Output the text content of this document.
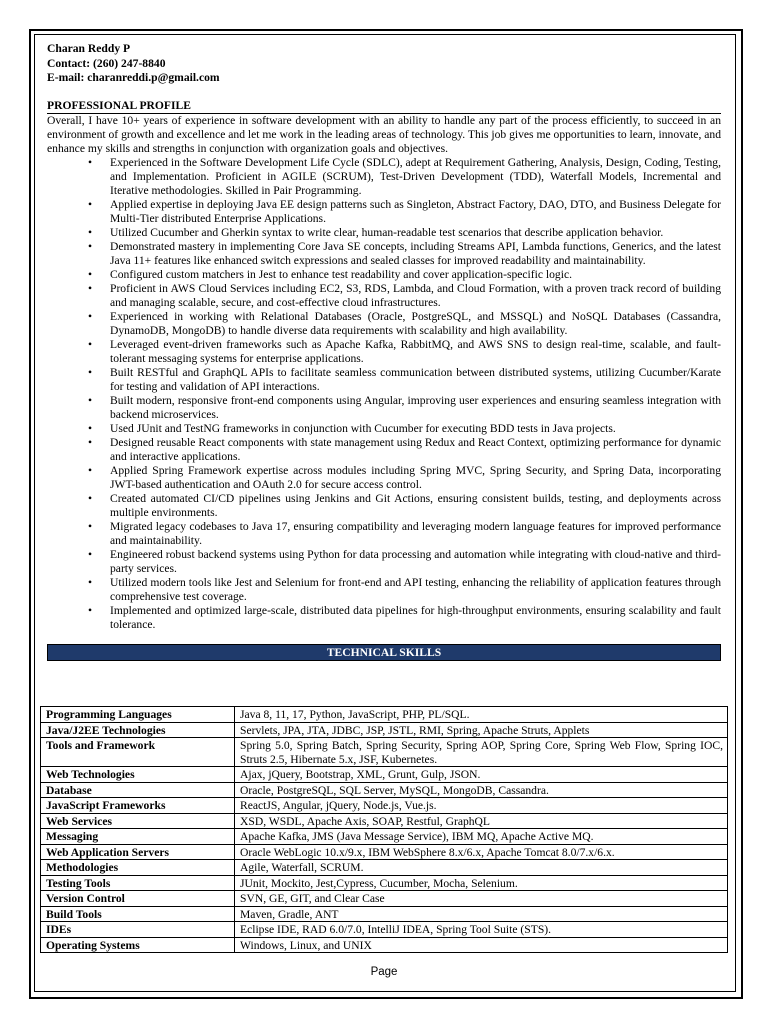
Charan Reddy P
Contact: (260) 247-8840
E-mail: charanreddi.p@gmail.com
PROFESSIONAL PROFILE
Overall, I have 10+ years of experience in software development with an ability to handle any part of the process efficiently, to succeed in an environment of growth and excellence and let me work in the leading areas of technology. This job gives me opportunities to learn, innovate, and enhance my skills and strengths in conjunction with organization goals and objectives.
• Experienced in the Software Development Life Cycle (SDLC), adept at Requirement Gathering, Analysis, Design, Coding, Testing, and Implementation. Proficient in AGILE (SCRUM), Test-Driven Development (TDD), Waterfall Models, Incremental and Iterative methodologies. Skilled in Pair Programming.
• Applied expertise in deploying Java EE design patterns such as Singleton, Abstract Factory, DAO, DTO, and Business Delegate for Multi-Tier distributed Enterprise Applications.
• Utilized Cucumber and Gherkin syntax to write clear, human-readable test scenarios that describe application behavior.
• Demonstrated mastery in implementing Core Java SE concepts, including Streams API, Lambda functions, Generics, and the latest Java 11+ features like enhanced switch expressions and sealed classes for improved readability and maintainability.
• Configured custom matchers in Jest to enhance test readability and cover application-specific logic.
• Proficient in AWS Cloud Services including EC2, S3, RDS, Lambda, and Cloud Formation, with a proven track record of building and managing scalable, secure, and cost-effective cloud infrastructures.
• Experienced in working with Relational Databases (Oracle, PostgreSQL, and MSSQL) and NoSQL Databases (Cassandra, DynamoDB, MongoDB) to handle diverse data requirements with scalability and high availability.
• Leveraged event-driven frameworks such as Apache Kafka, RabbitMQ, and AWS SNS to design real-time, scalable, and fault-tolerant messaging systems for enterprise applications.
• Built RESTful and GraphQL APIs to facilitate seamless communication between distributed systems, utilizing Cucumber/Karate for testing and validation of API interactions.
• Built modern, responsive front-end components using Angular, improving user experiences and ensuring seamless integration with backend microservices.
• Used JUnit and TestNG frameworks in conjunction with Cucumber for executing BDD tests in Java projects.
• Designed reusable React components with state management using Redux and React Context, optimizing performance for dynamic and interactive applications.
• Applied Spring Framework expertise across modules including Spring MVC, Spring Security, and Spring Data, incorporating JWT-based authentication and OAuth 2.0 for secure access control.
• Created automated CI/CD pipelines using Jenkins and Git Actions, ensuring consistent builds, testing, and deployments across multiple environments.
• Migrated legacy codebases to Java 17, ensuring compatibility and leveraging modern language features for improved performance and maintainability.
• Engineered robust backend systems using Python for data processing and automation while integrating with cloud-native and third-party services.
• Utilized modern tools like Jest and Selenium for front-end and API testing, enhancing the reliability of application features through comprehensive test coverage.
• Implemented and optimized large-scale, distributed data pipelines for high-throughput environments, ensuring scalability and fault tolerance.
TECHNICAL SKILLS
Programming Languages	Java 8, 11, 17, Python, JavaScript, PHP, PL/SQL.
Java/J2EE Technologies	Servlets, JPA, JTA, JDBC, JSP, JSTL, RMI, Spring, Apache Struts, Applets
Tools and Framework	Spring 5.0, Spring Batch, Spring Security, Spring AOP, Spring Core, Spring Web Flow, Spring IOC, Struts 2.5, Hibernate 5.x, JSF, Kubernetes.
Web Technologies	Ajax, jQuery, Bootstrap, XML, Grunt, Gulp, JSON.
Database	Oracle, PostgreSQL, SQL Server, MySQL, MongoDB, Cassandra.
JavaScript Frameworks	ReactJS, Angular, jQuery, Node.js, Vue.js.
Web Services	XSD, WSDL, Apache Axis, SOAP, Restful, GraphQL
Messaging	Apache Kafka, JMS (Java Message Service), IBM MQ, Apache Active MQ.
Web Application Servers	Oracle WebLogic 10.x/9.x, IBM WebSphere 8.x/6.x, Apache Tomcat 8.0/7.x/6.x.
Methodologies	Agile, Waterfall, SCRUM.
Testing Tools	JUnit, Mockito, Jest,Cypress, Cucumber, Mocha, Selenium.
Version Control	SVN, GE, GIT, and Clear Case
Build Tools	Maven, Gradle, ANT
IDEs	Eclipse IDE, RAD 6.0/7.0, IntelliJ IDEA, Spring Tool Suite (STS).
Operating Systems	Windows, Linux, and UNIX
Page
